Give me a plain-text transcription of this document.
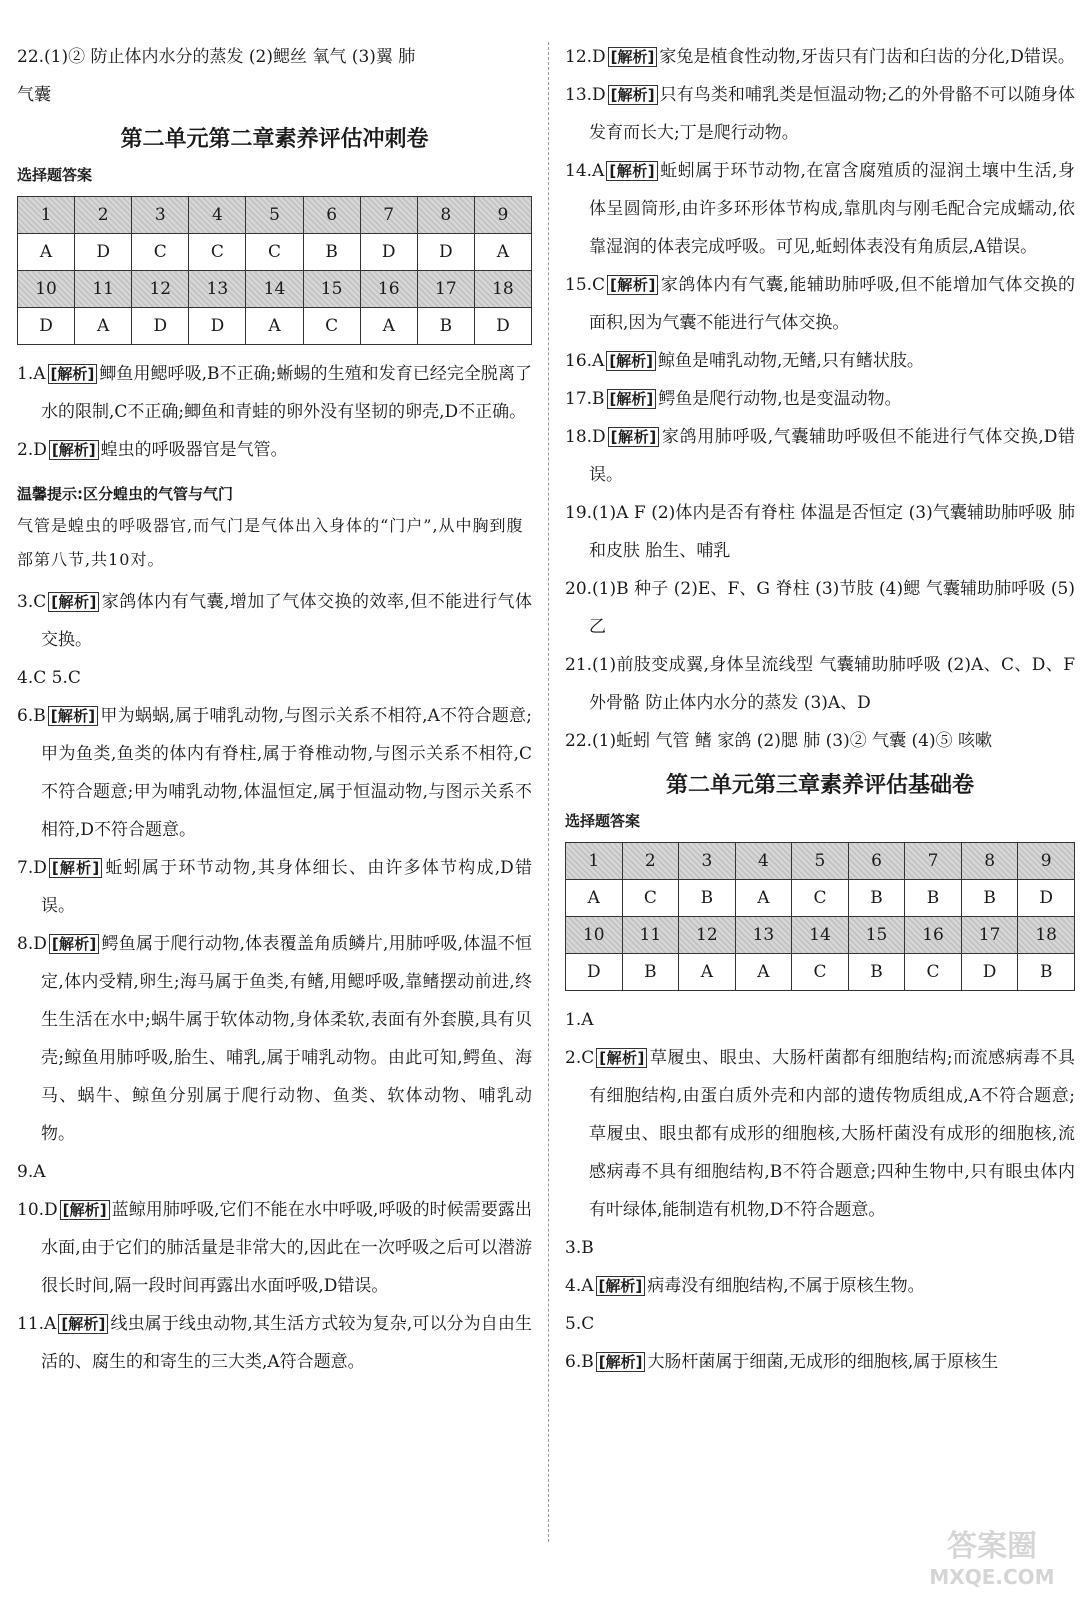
22.(1)② 防止体内水分的蒸发 (2)鳃丝 氧气 (3)翼 肺

气囊

第二单元第二章素养评估冲刺卷
选择题答案
1	2	3	4	5	6	7	8	9
A	D	C	C	C	B	D	D	A
10	11	12	13	14	15	16	17	18
D	A	D	D	A	C	A	B	D

1.A [解析] 鲫鱼用鳃呼吸,B不正确;蜥蜴的生殖和发育已经完全脱离了水的限制,C不正确;鲫鱼和青蛙的卵外没有坚韧的卵壳,D不正确。

2.D [解析] 蝗虫的呼吸器官是气管。

温馨提示:区分蝗虫的气管与气门
气管是蝗虫的呼吸器官,而气门是气体出入身体的“门户”,从中胸到腹部第八节,共10对。

3.C [解析] 家鸽体内有气囊,增加了气体交换的效率,但不能进行气体交换。

4.C 5.C

6.B [解析] 甲为蜗蜗,属于哺乳动物,与图示关系不相符,A不符合题意;甲为鱼类,鱼类的体内有脊柱,属于脊椎动物,与图示关系不相符,C不符合题意;甲为哺乳动物,体温恒定,属于恒温动物,与图示关系不相符,D不符合题意。

7.D [解析] 蚯蚓属于环节动物,其身体细长、由许多体节构成,D错误。

8.D [解析] 鳄鱼属于爬行动物,体表覆盖角质鳞片,用肺呼吸,体温不恒定,体内受精,卵生;海马属于鱼类,有鳍,用鳃呼吸,靠鳍摆动前进,终生生活在水中;蜗牛属于软体动物,身体柔软,表面有外套膜,具有贝壳;鲸鱼用肺呼吸,胎生、哺乳,属于哺乳动物。由此可知,鳄鱼、海马、蜗牛、鲸鱼分别属于爬行动物、鱼类、软体动物、哺乳动物。

9.A

10.D [解析] 蓝鲸用肺呼吸,它们不能在水中呼吸,呼吸的时候需要露出水面,由于它们的肺活量是非常大的,因此在一次呼吸之后可以潜游很长时间,隔一段时间再露出水面呼吸,D错误。

11.A [解析] 线虫属于线虫动物,其生活方式较为复杂,可以分为自由生活的、腐生的和寄生的三大类,A符合题意。

12.D [解析] 家兔是植食性动物,牙齿只有门齿和臼齿的分化,D错误。

13.D [解析] 只有鸟类和哺乳类是恒温动物;乙的外骨骼不可以随身体发育而长大;丁是爬行动物。

14.A [解析] 蚯蚓属于环节动物,在富含腐殖质的湿润土壤中生活,身体呈圆筒形,由许多环形体节构成,靠肌肉与刚毛配合完成蠕动,依靠湿润的体表完成呼吸。可见,蚯蚓体表没有角质层,A错误。

15.C [解析] 家鸽体内有气囊,能辅助肺呼吸,但不能增加气体交换的面积,因为气囊不能进行气体交换。

16.A [解析] 鲸鱼是哺乳动物,无鳍,只有鳍状肢。

17.B [解析] 鳄鱼是爬行动物,也是变温动物。

18.D [解析] 家鸽用肺呼吸,气囊辅助呼吸但不能进行气体交换,D错误。

19.(1)A F (2)体内是否有脊柱 体温是否恒定 (3)气囊辅助肺呼吸 肺和皮肤 胎生、哺乳

20.(1)B 种子 (2)E、F、G 脊柱 (3)节肢 (4)鳃 气囊辅助肺呼吸 (5)乙

21.(1)前肢变成翼,身体呈流线型 气囊辅助肺呼吸 (2)A、C、D、F 外骨骼 防止体内水分的蒸发 (3)A、D

22.(1)蚯蚓 气管 鳍 家鸽 (2)腮 肺 (3)② 气囊 (4)⑤ 咳嗽

第二单元第三章素养评估基础卷
选择题答案
1	2	3	4	5	6	7	8	9
A	C	B	A	C	B	B	B	D
10	11	12	13	14	15	16	17	18
D	B	A	A	C	B	C	D	B

1.A

2.C [解析] 草履虫、眼虫、大肠杆菌都有细胞结构;而流感病毒不具有细胞结构,由蛋白质外壳和内部的遗传物质组成,A不符合题意;草履虫、眼虫都有成形的细胞核,大肠杆菌没有成形的细胞核,流感病毒不具有细胞结构,B不符合题意;四种生物中,只有眼虫体内有叶绿体,能制造有机物,D不符合题意。

3.B

4.A [解析] 病毒没有细胞结构,不属于原核生物。

5.C

6.B [解析] 大肠杆菌属于细菌,无成形的细胞核,属于原核生

答案圈
MXQE.COM
